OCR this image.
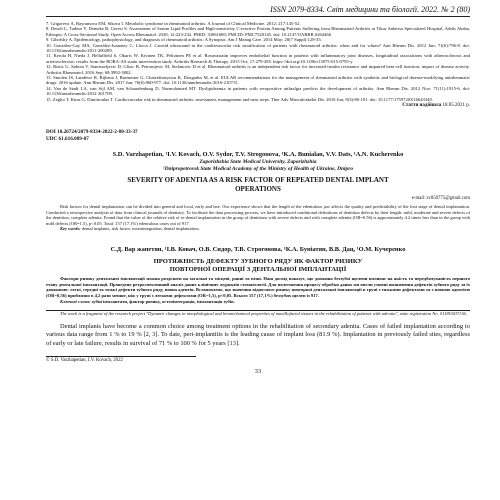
ISSN 2079-8334. Світ медицини та біології. 2022. № 2 (80)
7. Grigoreva А, Bayramova EM, Sikova I. Metabolic syndrome in rheumatoid arthritis. A Journal of Clinical Medicine. 2012; 217:145-52.
8. Desoli L, Tadese Y, Demeke B, Geresi S. Assessment of Serum Lipid Profiles and High-sensitivity C-reactive Protein Among Patients Suffering from Rheumatoid Arthritis at Tikur Anbessa Specialized Hospital, Addis Ababa, Ethiopia: A Cross-Sectional Study. Open Access Rheumatol. 2020; 12:223-232. PMID: 33061680; PMCID: PMC7520145. doi: 10.2147/OARRR.S264466
9. Gibofsky A. Epidemiology, pathophysiology, and diagnosis of rheumatoid arthritis: A Synopsis. Am J Manag Care. 2014 May; 20(7 Suppl):128-35.
10. González-Gay MA, González-Juanatey C, Llorca J. Carotid ultrasound in the cardiovascular risk stratification of patients with rheumatoid arthritis: when and for whom? Ann Rheum Dis. 2012 Jun; 71(6):796-8. doi: 10.1136/annrheumdis-2011-200209.
11. Kerola H, Nieda J, Hellaffield S, Okuris W, Kivinen TK, Peltoinen PE et al. Rosuvastatin improves endothelial function in patients with inflammatory joint diseases, longitudinal associations with atherosclerosis and arteriosclerosis: results from the RORA-AS statin intervention study. Arthritis Research & Therapy. 2015 Oct; 17:279-285. https://doi.org/10.1186/s13075-015-0795-y
12. Ristic G, Subota V, Stanisavljevic D, Glisic B, Petronijevic M, Stefanovic D et al. Rheumatoid arthritis is an independent risk factor for increased insulin resistance and impaired beta-cell function: impact of disease activity. Arthritis Rheumatol. 2016 Sep; 68:3992-3002.
13. Smolen JS, Landewe R, Bijlsma J, Burmester G, Chatzidionysiou K, Dougados M, et al. EULAR recommendations for the management of rheumatoid arthritis with synthetic and biological disease-modifying antirheumatic drugs: 2016 update. Ann Rheum Dis. 2017 Jun; 76(6):960-977. doi: 10.1136/annrheumdis-2016-210715.
14. Van de Stadt LA, van Sijl AM, van Schaardenburg D, Nurmohamed MT. Dyslipidaemia in patients with seropositive arthralgia predicts the development of arthritis. Ann Rheum Dis. 2012 Nov; 71(11):1915-6. doi: 10.1136/annrheumdis-2012-201709.
15. Zeglio T, Kitas G, Dimitroulas T. Cardiovascular risk in rheumatoid arthritis: assessment, management and next steps. Ther Adv Musculoskelet Dis. 2016 Jun; 8(3):86-101. doi: 10.1177/1759720X16643340.
Стаття надійшла 18.05.2021 р.
DOI 10.26724/2079-8334-2022-2-80-33-37
UDC 61.616.089-07
S.D. Varzhapetian, ¹I.V. Kovach, O.V. Sydor, T.V. Strogonova, ¹K.A. Bunialan, V.V. Dats, ¹A.N. Kucherenko
Zaporizhzhia State Medical University, Zaporizhzhia
¹Dnipropetrovsk State Medical Academy of the Ministry of Health of Ukraine, Dnipro
SEVERITY OF ADENTIA AS A RISK FACTOR OF REPEATED DENTAL IMPLANT
OPERATIONS
e-mail: sv050775@gmail.com
Risk factors for dental implantation can be divided into general and local, early and late. Our experience shows that the length of the edentulous jaw affects the quality and predictability of the first stage of dental implantation. Conducted a retrospective analysis of data from clinical journals of dentistry. To facilitate the data processing process, we have introduced conditional definitions of dentition defects by their length: mild, moderate and severe defects of the dentition, complete adentia. Found that the value of the relative risk of re-dental implantation in the group of dentitions with severe defects and with complete adentia (OR=0.56) is approximately 4.2 times less than in the group with mild defects (OR=1.5), p<0.05. Total: 157 (17.1%) edentulous cases out of 917.
Key words: dental implants, risk factor, osseointegration, dental implantation.
С.Д. Вар жапетян, ¹І.В. Ковач, О.В. Сидор, Т.В. Строгонова, ¹К.А. Буніатян, В.В. Дац, ¹О.М. Кучеренко
ПРОТЯЖНІСТЬ ДЕФЕКТУ ЗУБНОГО РЯДУ ЯК ФАКТОР РИЗИКУ
ПОВТОРНОЇ ОПЕРАЦІЇ З ДЕНТАЛЬНОЇ ІМПЛАНТАЦІЇ
Фактори ризику дентальної імплантації можна розділити на загальні та місцеві, ранні та пізні. Наш досвід показує, що довжина беззубої щелепи впливає на якість та передбачуваність першого етапу дентальної імплантації. Проведено ретроспективний аналіз даних клінічних журналів стоматології. Для полегшення процесу обробки даних ми ввели умовні визначення дефектів зубного ряду за їх довжиною: легкі, середні та тяжкі дефекти зубного ряду, повна адентія. Встановлено, що значення відносного ризику повторної дентальної імплантації в групі з тяжкими дефектами та з повною адентією (OR=0,56) приблизно в 4,2 рази менше, ніж у групі з легкими дефектами (OR=1,5), р<0,05. Всього 157 (17,1%) беззубих щелеп із 917.
Ключові слова: зубні імплантати, фактор ризику, остеоінтеграція, імплантація зубів.
The work is a fragment of the research project "Dynamic changes in morphological and biomechanical properties of maxillofacial tissues in the rehabilitation of patients with adentia", state registration No. 0118U007136.
Dental implants have become a common choice among treatment options in the rehabilitation of secondary adentia. Cases of failed implantation according to various data range from 1 % to 19 % [2, 3]. To date, peri-implantitis is the leading cause of implant loss (81.9 %). Implantation in previously failed sites, regardless of early or late failure, results in survival of 71 % to 100 % for 5 years [13].
© S.D. Varzhapetian, I.V. Kovach, 2022
33
